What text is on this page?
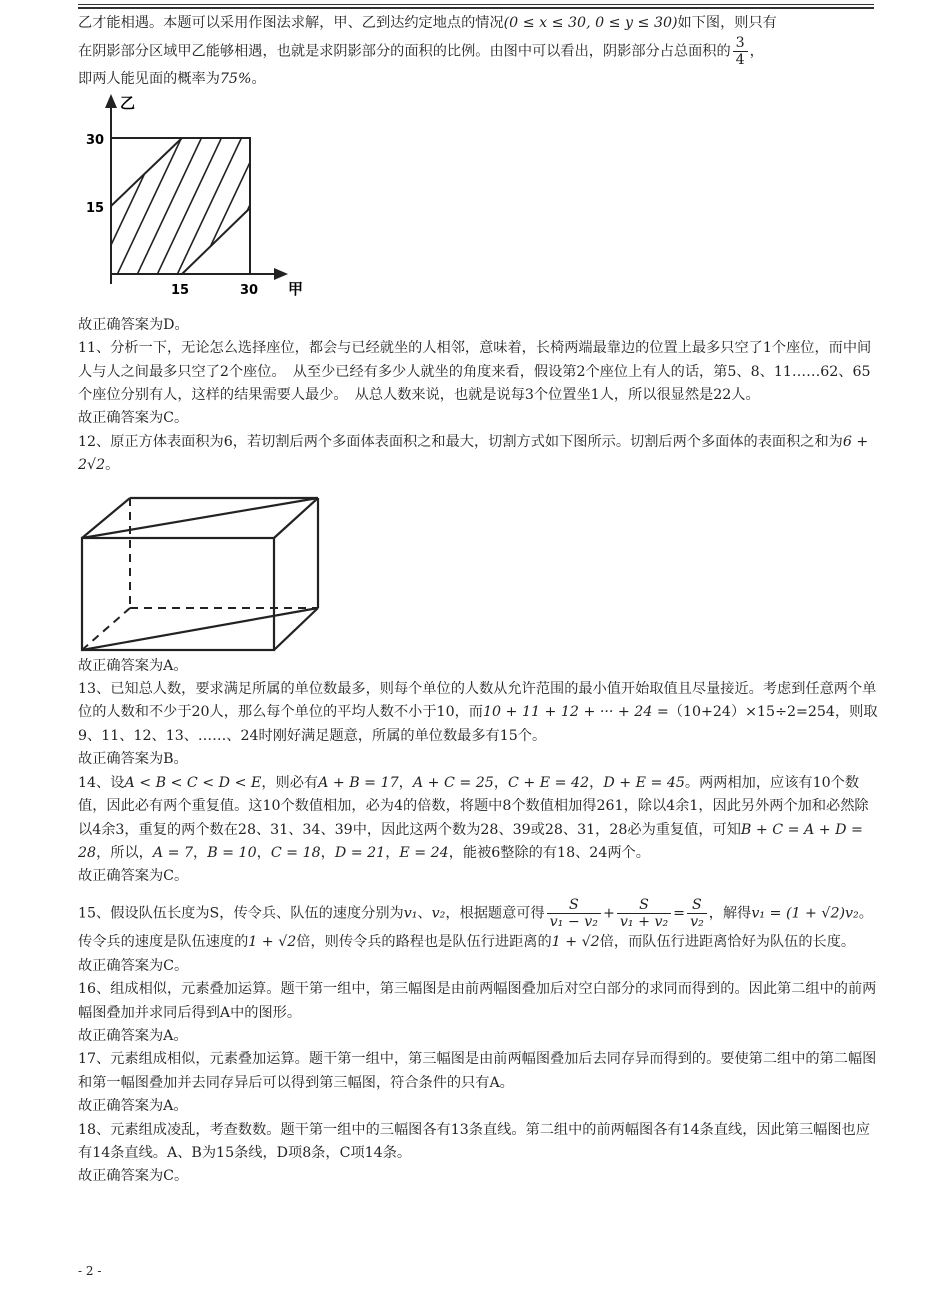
乙才能相遇。本题可以采用作图法求解，甲、乙到达约定地点的情况(0 ≤ x ≤ 30, 0 ≤ y ≤ 30)如下图，则只有

在阴影部分区域甲乙能够相遇，也就是求阴影部分的面积的比例。由图中可以看出，阴影部分占总面积的 $\frac{3}{4}$ ，

即两人能见面的概率为75%。

乙
甲
30
15
15	30

故正确答案为D。

11、分析一下，无论怎么选择座位，都会与已经就坐的人相邻，意味着，长椅两端最靠边的位置上最多只空了1个座位，而中间人与人之间最多只空了2个座位。　从至少已经有多少人就坐的角度来看，假设第2个座位上有人的话，第5、8、11……62、65个座位分别有人，这样的结果需要人最少。　从总人数来说，也就是说每3个位置坐1人，所以很显然是22人。

故正确答案为C。

12、原正方体表面积为6，若切割后两个多面体表面积之和最大，切割方式如下图所示。切割后两个多面体的表面积之和为6 + 2√2。

故正确答案为A。

13、已知总人数，要求满足所属的单位数最多，则每个单位的人数从允许范围的最小值开始取值且尽量接近。考虑到任意两个单位的人数和不少于20人，那么每个单位的平均人数不小于10，而10 + 11 + 12 + ··· + 24 =（10+24）×15÷2=254，则取9、11、12、13、……、24时刚好满足题意，所属的单位数最多有15个。

故正确答案为B。

14、设A < B < C < D < E，则必有A + B = 17，A + C = 25，C + E = 42，D + E = 45。两两相加，应该有10个数值，因此必有两个重复值。这10个数值相加，必为4的倍数，将题中8个数值相加得261，除以4余1，因此另外两个加和必然除以4余3，重复的两个数在28、31、34、39中，因此这两个数为28、39或28、31，28必为重复值，可知B + C = A + D = 28，所以，A = 7，B = 10，C = 18，D = 21，E = 24，能被6整除的有18、24两个。

故正确答案为C。

15、假设队伍长度为S，传令兵、队伍的速度分别为v₁、v₂，根据题意可得 $\frac{S}{\text{v₁ − v₂}} + \frac{S}{\text{v₁ + v₂}} = \frac{S}{\text{v₂}}$ ，解得v₁ = (1 + √2)v₂。传令兵的速度是队伍速度的1 + √2倍，则传令兵的路程也是队伍行进距离的1 + √2倍，而队伍行进距离恰好为队伍的长度。

故正确答案为C。

16、组成相似，元素叠加运算。题干第一组中，第三幅图是由前两幅图叠加后对空白部分的求同而得到的。因此第二组中的前两幅图叠加并求同后得到A中的图形。

故正确答案为A。

17、元素组成相似，元素叠加运算。题干第一组中，第三幅图是由前两幅图叠加后去同存异而得到的。要使第二组中的第二幅图和第一幅图叠加并去同存异后可以得到第三幅图，符合条件的只有A。

故正确答案为A。

18、元素组成凌乱，考查数数。题干第一组中的三幅图各有13条直线。第二组中的前两幅图各有14条直线，因此第三幅图也应有14条直线。A、B为15条线，D项8条，C项14条。

故正确答案为C。

- 2 -
